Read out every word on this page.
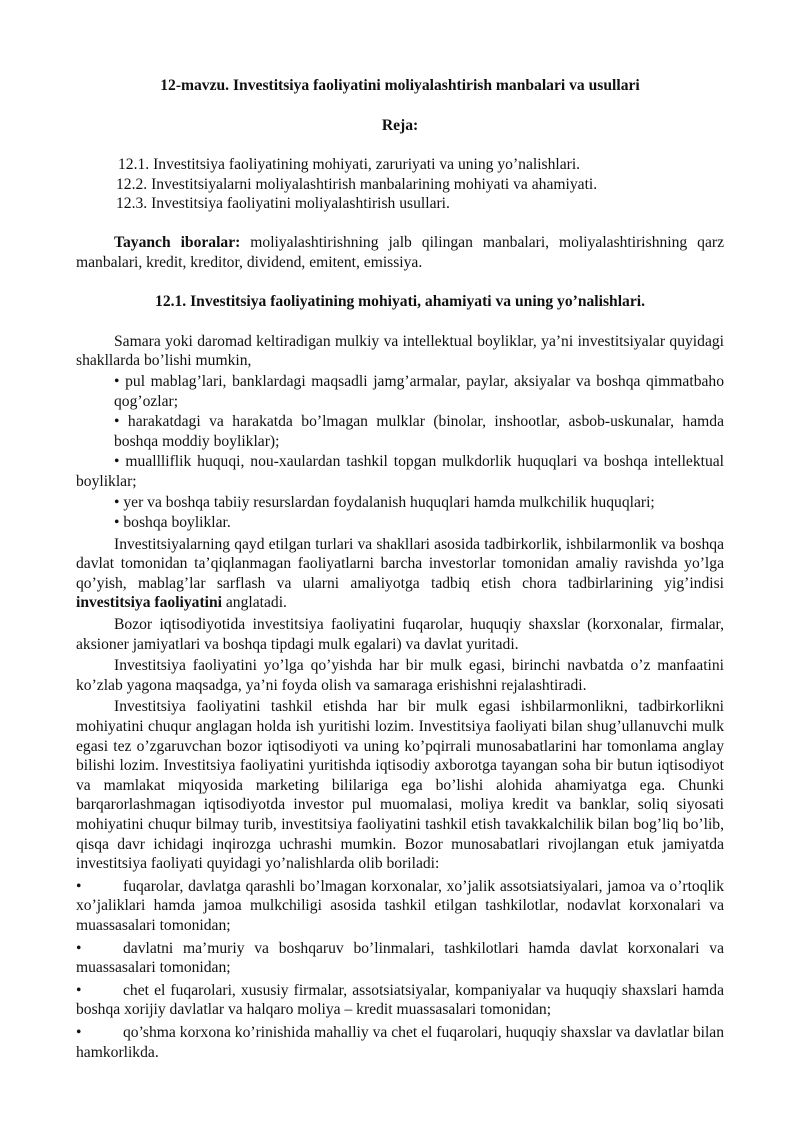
12-mavzu. Investitsiya faoliyatini moliyalashtirish manbalari va usullari
Reja:
12.1. Investitsiya faoliyatining mohiyati, zaruriyati va uning yo’nalishlari.
12.2. Investitsiyalarni moliyalashtirish manbalarining mohiyati va ahamiyati.
12.3. Investitsiya faoliyatini moliyalashtirish usullari.

Tayanch iboralar: moliyalashtirishning jalb qilingan manbalari, moliyalashtirishning qarz manbalari, kredit, kreditor, dividend, emitent, emissiya.

12.1. Investitsiya faoliyatining mohiyati, ahamiyati va uning yo’nalishlari.

Samara yoki daromad keltiradigan mulkiy va intellektual boyliklar, ya’ni investitsiyalar quyidagi shakllarda bo’lishi mumkin,

• pul mablag’lari, banklardagi maqsadli jamg’armalar, paylar, aksiyalar va boshqa qimmatbaho qog’ozlar;

• harakatdagi va harakatda bo’lmagan mulklar (binolar, inshootlar, asbob-uskunalar, hamda boshqa moddiy boyliklar);

• muallliflik huquqi, nou-xaulardan tashkil topgan mulkdorlik huquqlari va boshqa intellektual boyliklar;

• yer va boshqa tabiiy resurslardan foydalanish huquqlari hamda mulkchilik huquqlari;

• boshqa boyliklar.

Investitsiyalarning qayd etilgan turlari va shakllari asosida tadbirkorlik, ishbilarmonlik va boshqa davlat tomonidan ta’qiqlanmagan faoliyatlarni barcha investorlar tomonidan amaliy ravishda yo’lga qo’yish, mablag’lar sarflash va ularni amaliyotga tadbiq etish chora tadbirlarining yig’indisi investitsiya faoliyatini anglatadi.

Bozor iqtisodiyotida investitsiya faoliyatini fuqarolar, huquqiy shaxslar (korxonalar, firmalar, aksioner jamiyatlari va boshqa tipdagi mulk egalari) va davlat yuritadi.

Investitsiya faoliyatini yo’lga qo’yishda har bir mulk egasi, birinchi navbatda o’z manfaatini ko’zlab yagona maqsadga, ya’ni foyda olish va samaraga erishishni rejalashtiradi.

Investitsiya faoliyatini tashkil etishda har bir mulk egasi ishbilarmonlikni, tadbirkorlikni mohiyatini chuqur anglagan holda ish yuritishi lozim. Investitsiya faoliyati bilan shug’ullanuvchi mulk egasi tez o’zgaruvchan bozor iqtisodiyoti va uning ko’pqirrali munosabatlarini har tomonlama anglay bilishi lozim. Investitsiya faoliyatini yuritishda iqtisodiy axborotga tayangan soha bir butun iqtisodiyot va mamlakat miqyosida marketing bililariga ega bo’lishi alohida ahamiyatga ega. Chunki barqarorlashmagan iqtisodiyotda investor pul muomalasi, moliya kredit va banklar, soliq siyosati mohiyatini chuqur bilmay turib, investitsiya faoliyatini tashkil etish tavakkalchilik bilan bog’liq bo’lib, qisqa davr ichidagi inqirozga uchrashi mumkin. Bozor munosabatlari rivojlangan etuk jamiyatda investitsiya faoliyati quyidagi yo’nalishlarda olib boriladi:

•	fuqarolar, davlatga qarashli bo’lmagan korxonalar, xo’jalik assotsiatsiyalari, jamoa va o’rtoqlik xo’jaliklari hamda jamoa mulkchiligi asosida tashkil etilgan tashkilotlar, nodavlat korxonalari va muassasalari tomonidan;

•	davlatni ma’muriy va boshqaruv bo’linmalari, tashkilotlari hamda davlat korxonalari va muassasalari tomonidan;

•	chet el fuqarolari, xususiy firmalar, assotsiatsiyalar, kompaniyalar va huquqiy shaxslari hamda boshqa xorijiy davlatlar va halqaro moliya – kredit muassasalari tomonidan;

•	qo’shma korxona ko’rinishida mahalliy va chet el fuqarolari, huquqiy shaxslar va davlatlar bilan hamkorlikda.
